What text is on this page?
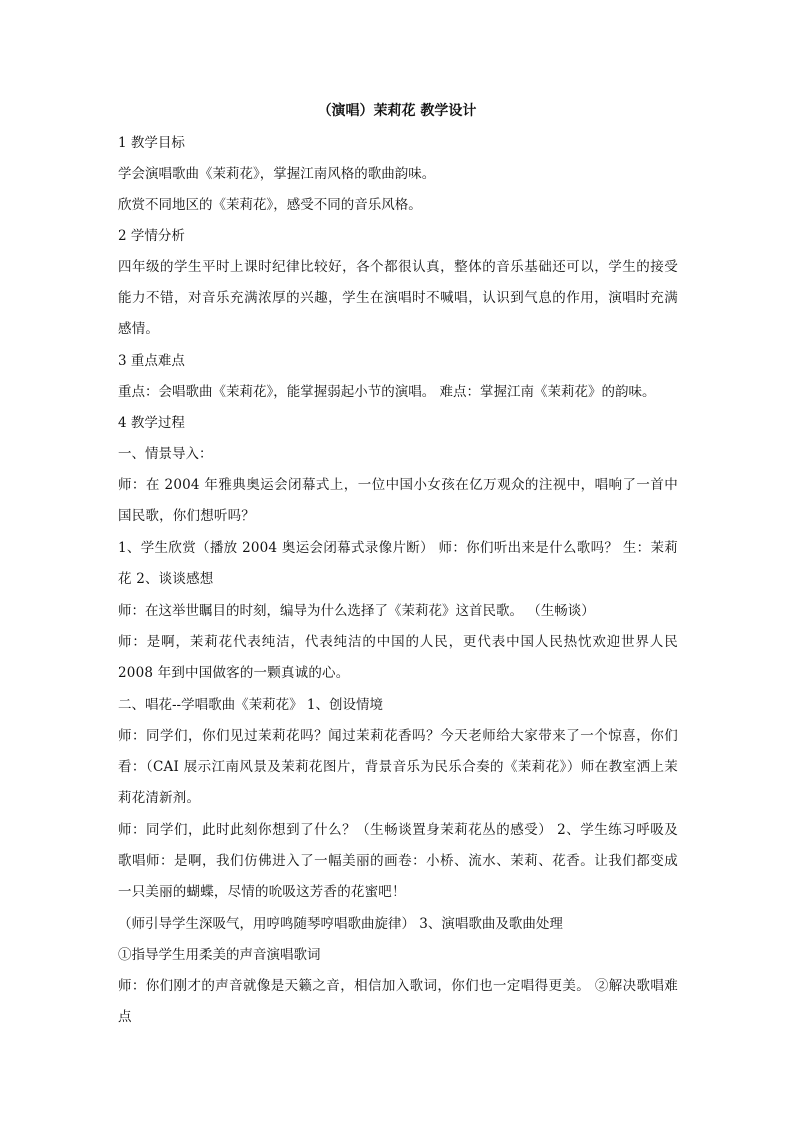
（演唱）茉莉花 教学设计
1 教学目标
学会演唱歌曲《茉莉花》，掌握江南风格的歌曲韵味。
欣赏不同地区的《茉莉花》，感受不同的音乐风格。
2 学情分析
四年级的学生平时上课时纪律比较好，各个都很认真，整体的音乐基础还可以，学生的接受能力不错，对音乐充满浓厚的兴趣，学生在演唱时不喊唱，认识到气息的作用，演唱时充满感情。
3 重点难点
重点：会唱歌曲《茉莉花》，能掌握弱起小节的演唱。 难点：掌握江南《茉莉花》的韵味。
4 教学过程
一、情景导入：
师：在 2004 年雅典奥运会闭幕式上，一位中国小女孩在亿万观众的注视中，唱响了一首中国民歌，你们想听吗？
1、学生欣赏（播放 2004 奥运会闭幕式录像片断） 师：你们听出来是什么歌吗？ 生：茉莉花 2、谈谈感想
师：在这举世瞩目的时刻，编导为什么选择了《茉莉花》这首民歌。 （生畅谈）
师：是啊，茉莉花代表纯洁，代表纯洁的中国的人民，更代表中国人民热忱欢迎世界人民 2008 年到中国做客的一颗真诚的心。
二、唱花--学唱歌曲《茉莉花》 1、创设情境
师：同学们，你们见过茉莉花吗？闻过茉莉花香吗？今天老师给大家带来了一个惊喜，你们看：（CAI 展示江南风景及茉莉花图片，背景音乐为民乐合奏的《茉莉花》）师在教室洒上茉莉花清新剂。
师：同学们，此时此刻你想到了什么？（生畅谈置身茉莉花丛的感受） 2、学生练习呼吸及歌唱师：是啊，我们仿佛进入了一幅美丽的画卷：小桥、流水、茉莉、花香。让我们都变成一只美丽的蝴蝶，尽情的吮吸这芳香的花蜜吧！
（师引导学生深吸气，用哼鸣随琴哼唱歌曲旋律） 3、演唱歌曲及歌曲处理
①指导学生用柔美的声音演唱歌词
师：你们刚才的声音就像是天籁之音，相信加入歌词，你们也一定唱得更美。 ②解决歌唱难点
